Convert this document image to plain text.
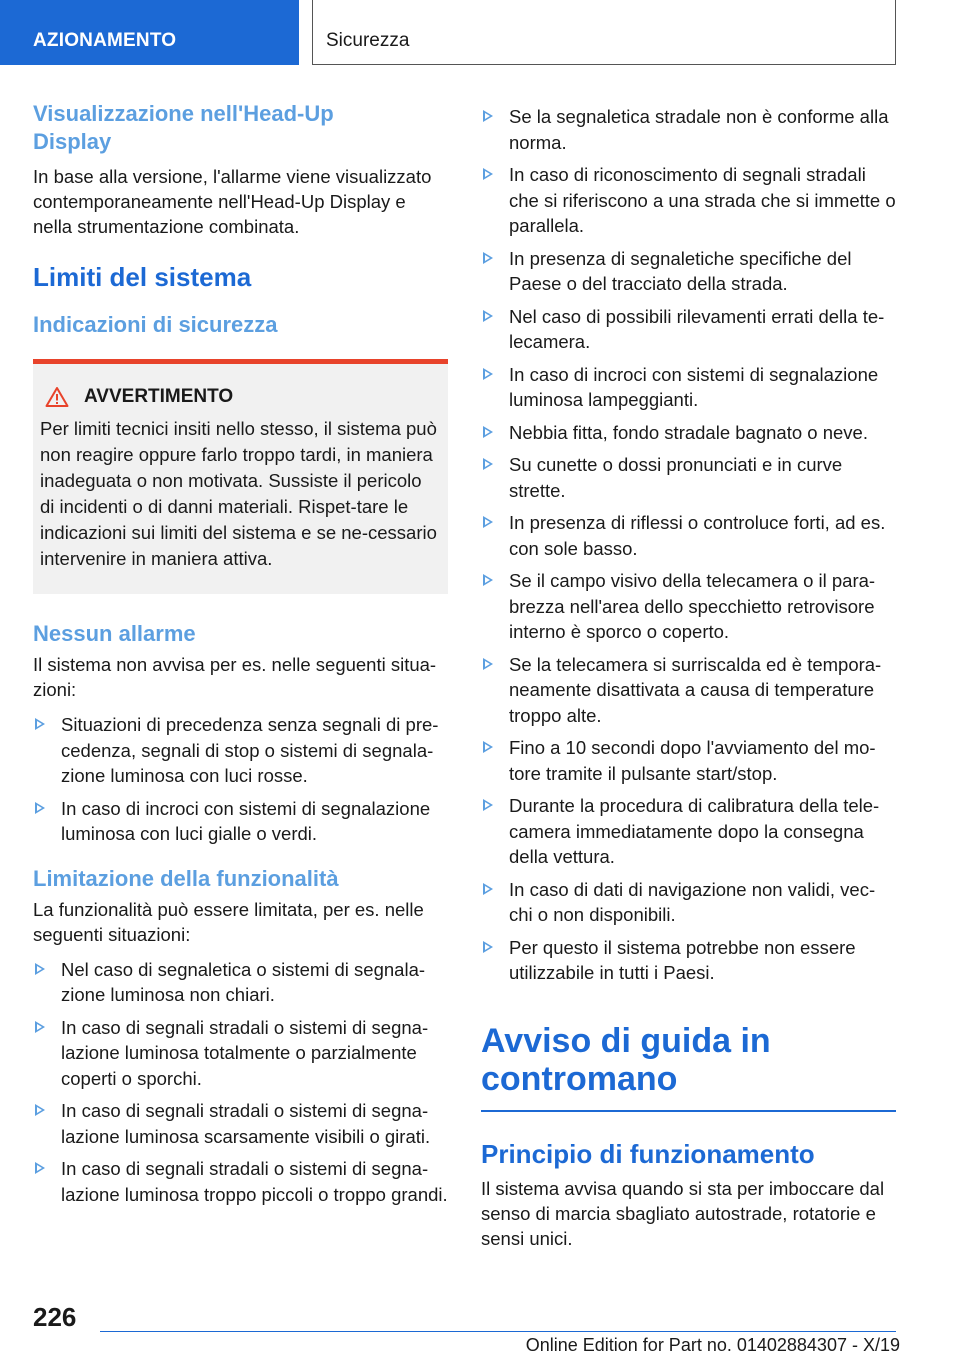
AZIONAMENTO	Sicurezza
Visualizzazione nell'Head-Up Display
In base alla versione, l'allarme viene visualizzato contemporaneamente nell'Head-Up Display e nella strumentazione combinata.
Limiti del sistema
Indicazioni di sicurezza
AVVERTIMENTO
Per limiti tecnici insiti nello stesso, il sistema può non reagire oppure farlo troppo tardi, in maniera inadeguata o non motivata. Sussiste il pericolo di incidenti o di danni materiali. Rispet-tare le indicazioni sui limiti del sistema e se ne-cessario intervenire in maniera attiva.
Nessun allarme
Il sistema non avvisa per es. nelle seguenti situa-zioni:
Situazioni di precedenza senza segnali di pre-cedenza, segnali di stop o sistemi di segnala-zione luminosa con luci rosse.
In caso di incroci con sistemi di segnalazione luminosa con luci gialle o verdi.
Limitazione della funzionalità
La funzionalità può essere limitata, per es. nelle seguenti situazioni:
Nel caso di segnaletica o sistemi di segnala-zione luminosa non chiari.
In caso di segnali stradali o sistemi di segna-lazione luminosa totalmente o parzialmente coperti o sporchi.
In caso di segnali stradali o sistemi di segna-lazione luminosa scarsamente visibili o girati.
In caso di segnali stradali o sistemi di segna-lazione luminosa troppo piccoli o troppo grandi.
Se la segnaletica stradale non è conforme alla norma.
In caso di riconoscimento di segnali stradali che si riferiscono a una strada che si immette o parallela.
In presenza di segnaletiche specifiche del Paese o del tracciato della strada.
Nel caso di possibili rilevamenti errati della te-lecamera.
In caso di incroci con sistemi di segnalazione luminosa lampeggianti.
Nebbia fitta, fondo stradale bagnato o neve.
Su cunette o dossi pronunciati e in curve strette.
In presenza di riflessi o controluce forti, ad es. con sole basso.
Se il campo visivo della telecamera o il para-brezza nell'area dello specchietto retrovisore interno è sporco o coperto.
Se la telecamera si surriscalda ed è tempora-neamente disattivata a causa di temperature troppo alte.
Fino a 10 secondi dopo l'avviamento del mo-tore tramite il pulsante start/stop.
Durante la procedura di calibratura della tele-camera immediatamente dopo la consegna della vettura.
In caso di dati di navigazione non validi, vec-chi o non disponibili.
Per questo il sistema potrebbe non essere utilizzabile in tutti i Paesi.
Avviso di guida in contromano
Principio di funzionamento
Il sistema avvisa quando si sta per imboccare dal senso di marcia sbagliato autostrade, rotatorie e sensi unici.
226
Online Edition for Part no. 01402884307 - X/19
